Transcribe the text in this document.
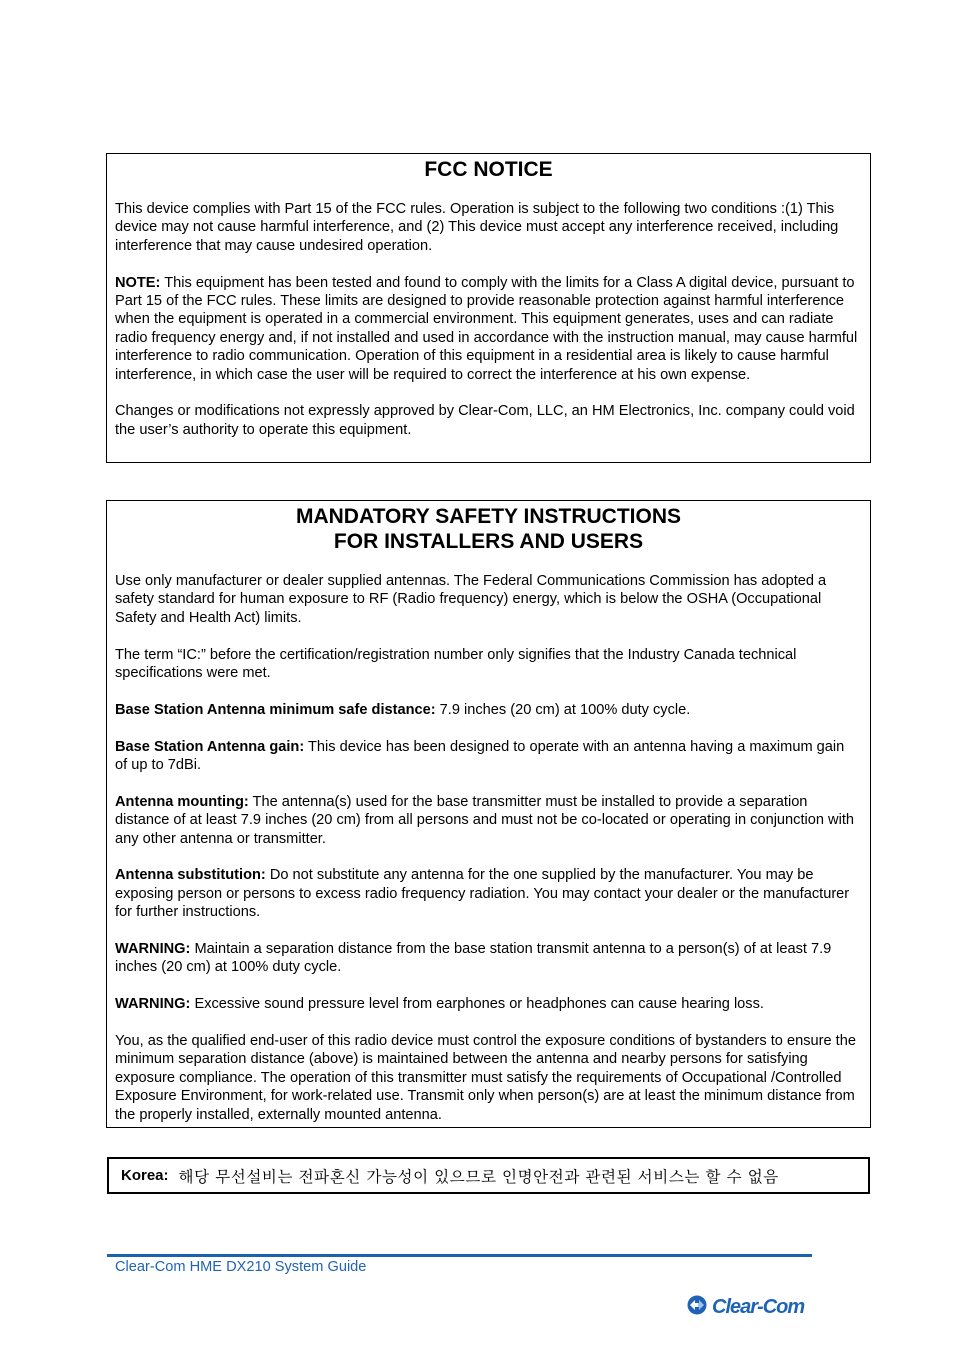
FCC NOTICE

This device complies with Part 15 of the FCC rules. Operation is subject to the following two conditions :(1) This device may not cause harmful interference, and (2) This device must accept any interference received, including interference that may cause undesired operation.

NOTE: This equipment has been tested and found to comply with the limits for a Class A digital device, pursuant to Part 15 of the FCC rules. These limits are designed to provide reasonable protection against harmful interference when the equipment is operated in a commercial environment. This equipment generates, uses and can radiate radio frequency energy and, if not installed and used in accordance with the instruction manual, may cause harmful interference to radio communication. Operation of this equipment in a residential area is likely to cause harmful interference, in which case the user will be required to correct the interference at his own expense.

Changes or modifications not expressly approved by Clear-Com, LLC, an HM Electronics, Inc. company could void the user’s authority to operate this equipment.

MANDATORY SAFETY INSTRUCTIONS
FOR INSTALLERS AND USERS

Use only manufacturer or dealer supplied antennas. The Federal Communications Commission has adopted a safety standard for human exposure to RF (Radio frequency) energy, which is below the OSHA (Occupational Safety and Health Act) limits.

The term “IC:” before the certification/registration number only signifies that the Industry Canada technical specifications were met.

Base Station Antenna minimum safe distance: 7.9 inches (20 cm) at 100% duty cycle.

Base Station Antenna gain: This device has been designed to operate with an antenna having a maximum gain of up to 7dBi.

Antenna mounting: The antenna(s) used for the base transmitter must be installed to provide a separation distance of at least 7.9 inches (20 cm) from all persons and must not be co-located or operating in conjunction with any other antenna or transmitter.

Antenna substitution: Do not substitute any antenna for the one supplied by the manufacturer. You may be exposing person or persons to excess radio frequency radiation. You may contact your dealer or the manufacturer for further instructions.

WARNING: Maintain a separation distance from the base station transmit antenna to a person(s) of at least 7.9 inches (20 cm) at 100% duty cycle.

WARNING: Excessive sound pressure level from earphones or headphones can cause hearing loss.

You, as the qualified end-user of this radio device must control the exposure conditions of bystanders to ensure the minimum separation distance (above) is maintained between the antenna and nearby persons for satisfying exposure compliance. The operation of this transmitter must satisfy the requirements of Occupational /Controlled Exposure Environment, for work-related use. Transmit only when person(s) are at least the minimum distance from the properly installed, externally mounted antenna.

Korea: 해당 무선설비는 전파혼신 가능성이 있으므로 인명안전과 관련된 서비스는 할 수 없음
Clear-Com HME DX210 System Guide
Clear-Com
